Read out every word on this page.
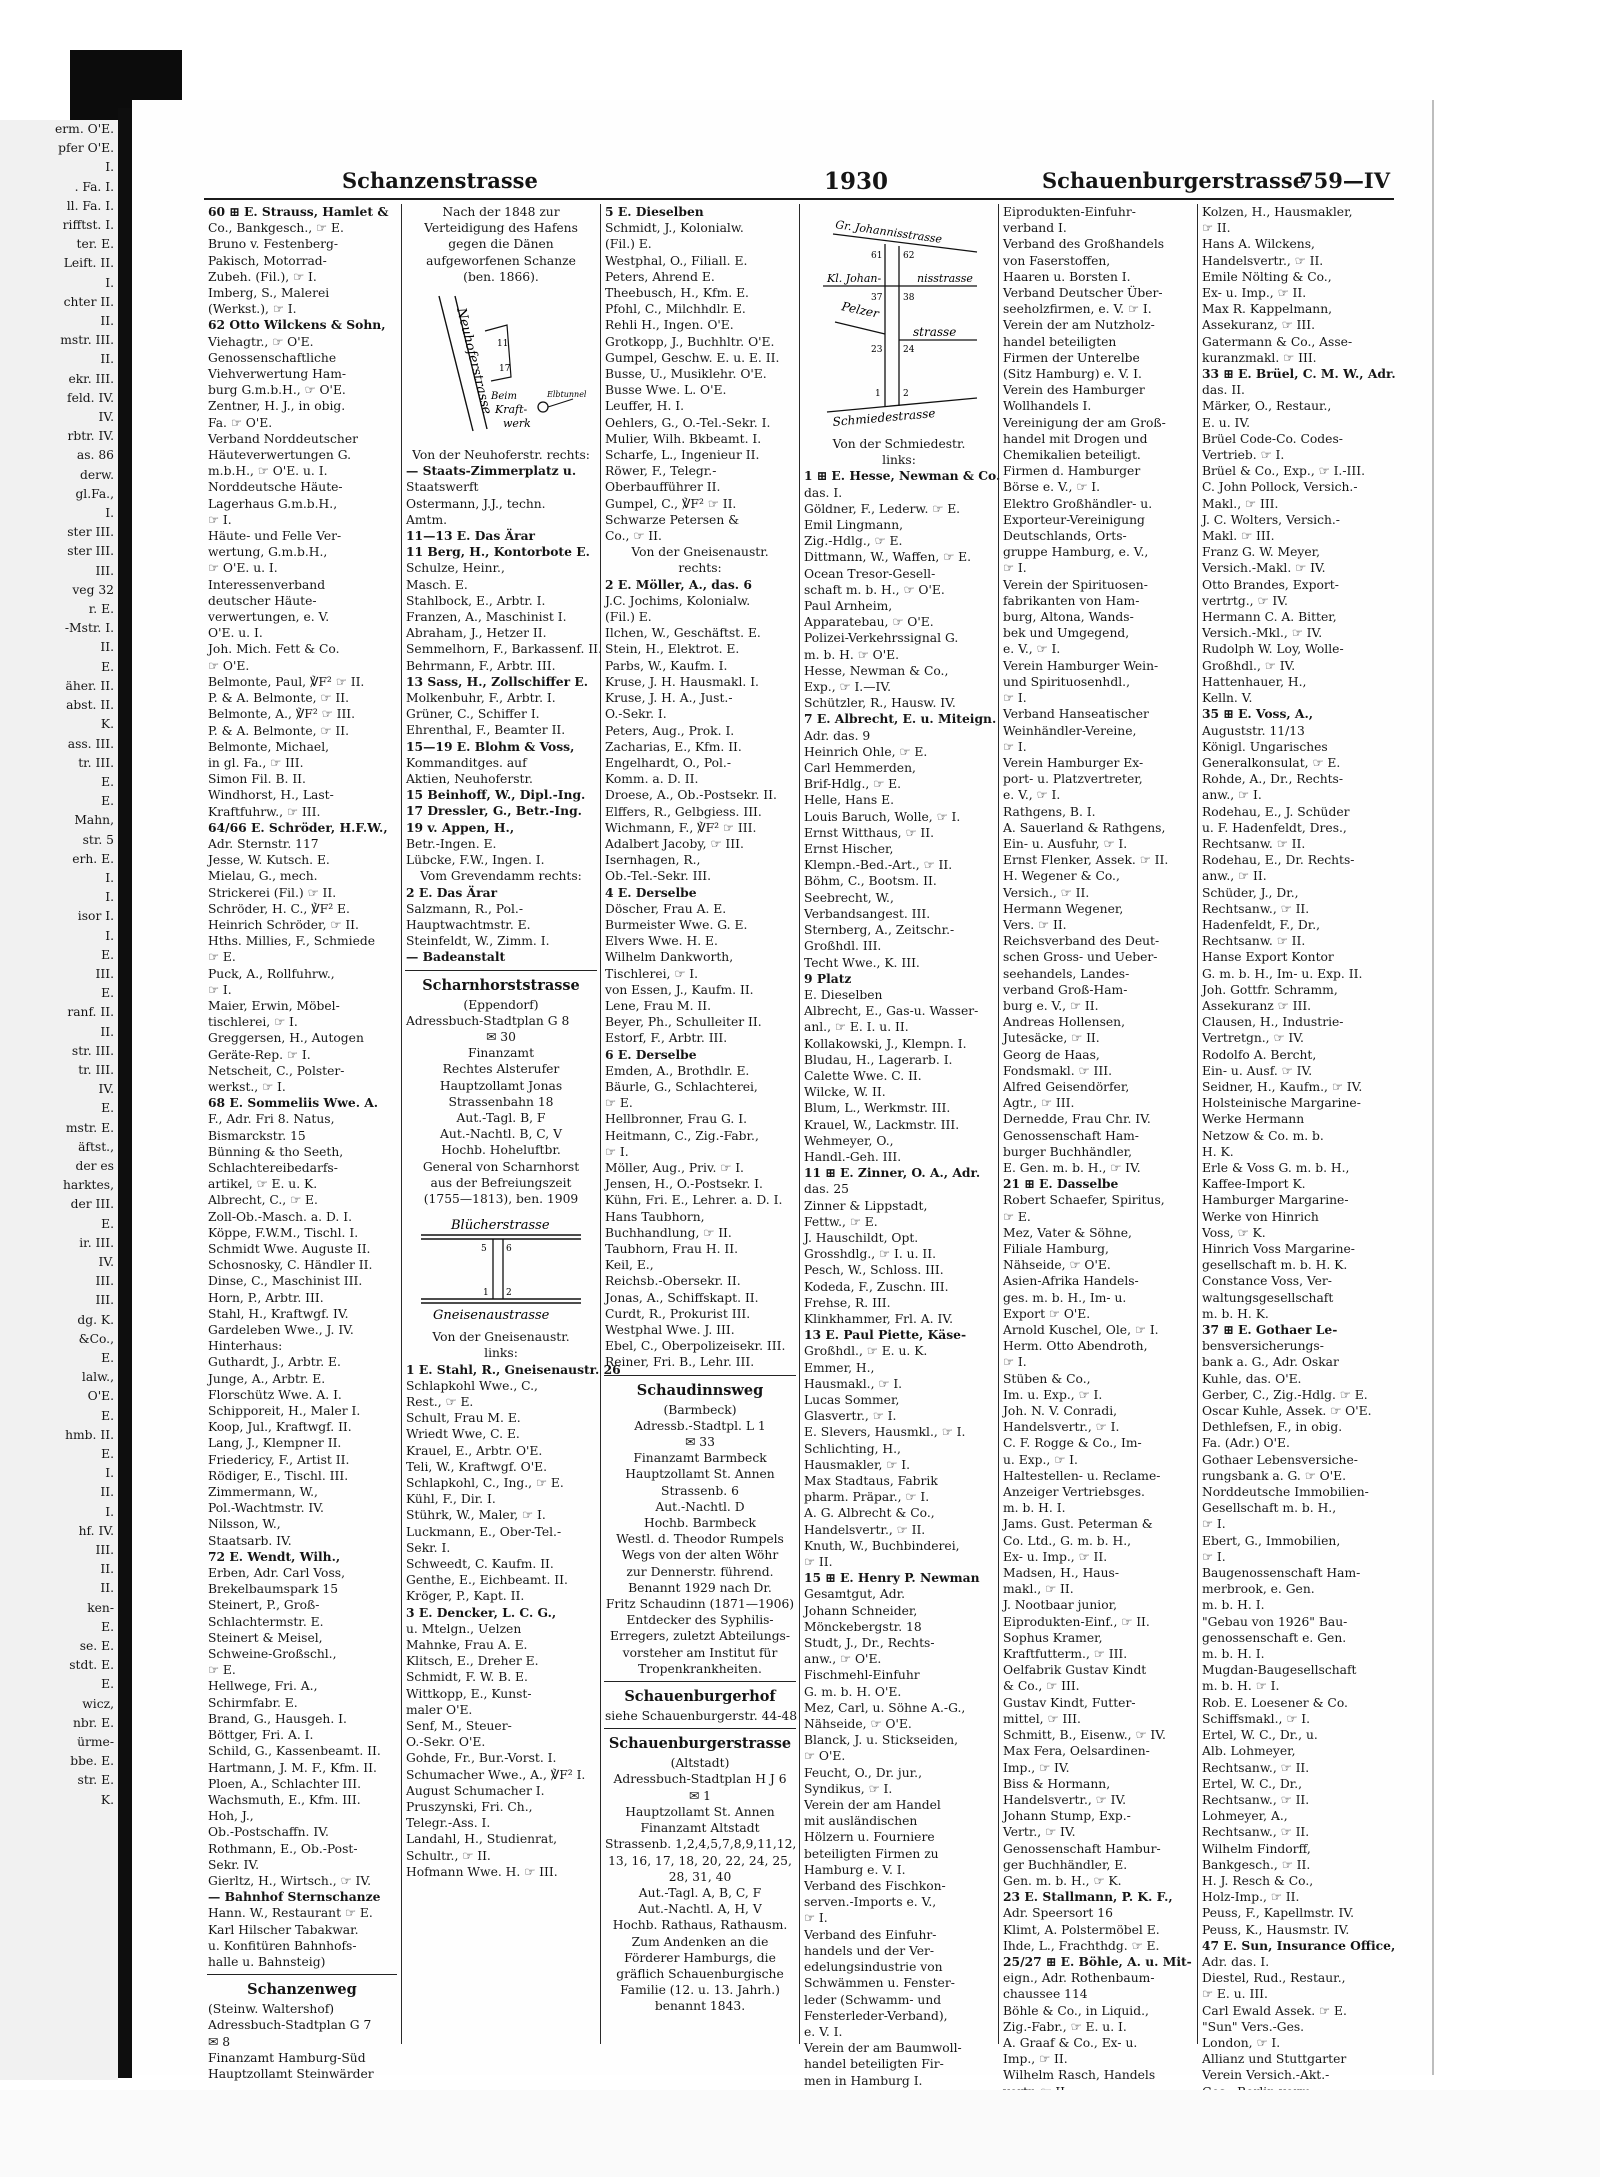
erm. O'E.
pfer O'E.
I.
. Fa. I.
ll. Fa. I.
rifftst. I.
ter. E.
Leift. II.
I.
chter II.
II.
mstr. III.
II.
ekr. III.
feld. IV.
IV.
rbtr. IV.
as. 86
derw.
gl.Fa.,
I.
ster III.
ster III.
III.
veg 32
r. E.
-Mstr. I.
II.
E.
äher. II.
abst. II.
K.
ass. III.
tr. III.
E.
E.
Mahn,
str. 5
erh. E.
I.
I.
isor I.
I.
E.
III.
E.
ranf. II.
II.
str. III.
tr. III.
IV.
E.
mstr. E.
äftst.,
der es
harktes,
der III.
E.
ir. III.
IV.
III.
III.
dg. K.
&Co.,
E.
lalw.,
O'E.
E.
hmb. II.
E.
I.
II.
I.
hf. IV.
III.
II.
II.
ken-
E.
se. E.
stdt. E.
E.
wicz,
nbr. E.
ürme-
bbe. E.
str. E.
K.
Schanzenstrasse	1930	Schauenburgerstrasse
759—IV
60 ⊞ E. Strauss, Hamlet &
Co., Bankgesch., ☞ E.
Bruno v. Festenberg-
Pakisch, Motorrad-
Zubeh. (Fil.), ☞ I.
Imberg, S., Malerei
(Werkst.), ☞ I.
62 Otto Wilckens & Sohn,
Viehagtr., ☞ O'E.
Genossenschaftliche
Viehverwertung Ham-
burg G.m.b.H., ☞ O'E.
Zentner, H. J., in obig.
Fa. ☞ O'E.
Verband Norddeutscher
Häuteverwertungen G.
m.b.H., ☞ O'E. u. I.
Norddeutsche Häute-
Lagerhaus G.m.b.H.,
☞ I.
Häute- und Felle Ver-
wertung, G.m.b.H.,
☞ O'E. u. I.
Interessenverband
deutscher Häute-
verwertungen, e. V.
O'E. u. I.
Joh. Mich. Fett & Co.
☞ O'E.
Belmonte, Paul, ℣F² ☞ II.
P. & A. Belmonte, ☞ II.
Belmonte, A., ℣F² ☞ III.
P. & A. Belmonte, ☞ II.
Belmonte, Michael,
in gl. Fa., ☞ III.
Simon Fil. B. II.
Windhorst, H., Last-
Kraftfuhrw., ☞ III.
64/66 E. Schröder, H.F.W.,
Adr. Sternstr. 117
Jesse, W. Kutsch. E.
Mielau, G., mech.
Strickerei (Fil.) ☞ II.
Schröder, H. C., ℣F² E.
Heinrich Schröder, ☞ II.
Hths. Millies, F., Schmiede
☞ E.
Puck, A., Rollfuhrw.,
☞ I.
Maier, Erwin, Möbel-
tischlerei, ☞ I.
Greggersen, H., Autogen
Geräte-Rep. ☞ I.
Netscheit, C., Polster-
werkst., ☞ I.
68 E. Sommeliis Wwe. A.
F., Adr. Fri 8. Natus,
Bismarckstr. 15
Bünning & tho Seeth,
Schlachtereibedarfs-
artikel, ☞ E. u. K.
Albrecht, C., ☞ E.
Zoll-Ob.-Masch. a. D. I.
Köppe, F.W.M., Tischl. I.
Schmidt Wwe. Auguste II.
Schosnosky, C. Händler II.
Dinse, C., Maschinist III.
Horn, P., Arbtr. III.
Stahl, H., Kraftwgf. IV.
Gardeleben Wwe., J. IV.
Hinterhaus:
Guthardt, J., Arbtr. E.
Junge, A., Arbtr. E.
Florschütz Wwe. A. I.
Schipporeit, H., Maler I.
Koop, Jul., Kraftwgf. II.
Lang, J., Klempner II.
Friedericy, F., Artist II.
Rödiger, E., Tischl. III.
Zimmermann, W.,
Pol.-Wachtmstr. IV.
Nilsson, W.,
Staatsarb. IV.
72 E. Wendt, Wilh.,
Erben, Adr. Carl Voss,
Brekelbaumspark 15
Steinert, P., Groß-
Schlachtermstr. E.
Steinert & Meisel,
Schweine-Großschl.,
☞ E.
Hellwege, Fri. A.,
Schirmfabr. E.
Brand, G., Hausgeh. I.
Böttger, Fri. A. I.
Schild, G., Kassenbeamt. II.
Hartmann, J. M. F., Kfm. II.
Ploen, A., Schlachter III.
Wachsmuth, E., Kfm. III.
Hoh, J.,
Ob.-Postschaffn. IV.
Rothmann, E., Ob.-Post-
Sekr. IV.
Gierltz, H., Wirtsch., ☞ IV.
— Bahnhof Sternschanze
Hann. W., Restaurant ☞ E.
Karl Hilscher Tabakwar.
u. Konfitüren Bahnhofs-
halle u. Bahnsteig)
Schanzenweg
(Steinw. Waltershof)
Adressbuch-Stadtplan G 7
✉ 8
Finanzamt Hamburg-Süd
Hauptzollamt Steinwärder
Nach der 1848 zur
Verteidigung des Hafens
gegen die Dänen
aufgeworfenen Schanze
(ben. 1866).
Neuhoferstrasse 11
17
Beim
Kraft-
werk
Elbtunnel
Von der Neuhoferstr. rechts:
— Staats-Zimmerplatz u.
Staatswerft
Ostermann, J.J., techn.
Amtm.
11—13 E. Das Ärar
11 Berg, H., Kontorbote E.
Schulze, Heinr.,
Masch. E.
Stahlbock, E., Arbtr. I.
Franzen, A., Maschinist I.
Abraham, J., Hetzer II.
Semmelhorn, F., Barkassenf. II.
Behrmann, F., Arbtr. III.
13 Sass, H., Zollschiffer E.
Molkenbuhr, F., Arbtr. I.
Grüner, C., Schiffer I.
Ehrenthal, F., Beamter II.
15—19 E. Blohm & Voss,
Kommanditges. auf
Aktien, Neuhoferstr.
15 Beinhoff, W., Dipl.-Ing.
17 Dressler, G., Betr.-Ing.
19 v. Appen, H.,
Betr.-Ingen. E.
Lübcke, F.W., Ingen. I.
Vom Grevendamm rechts:
2 E. Das Ärar
Salzmann, R., Pol.-
Hauptwachtmstr. E.
Steinfeldt, W., Zimm. I.
— Badeanstalt
Scharnhorststrasse
(Eppendorf)
Adressbuch-Stadtplan G 8
✉ 30
Finanzamt
Rechtes Alsterufer
Hauptzollamt Jonas
Strassenbahn 18
Aut.-Tagl. B, F
Aut.-Nachtl. B, C, V
Hochb. Hoheluftbr.
General von Scharnhorst
aus der Befreiungszeit
(1755—1813), ben. 1909
Blücherstrasse
5 6
1 2
Gneisenaustrasse
Von der Gneisenaustr.
links:
1 E. Stahl, R., Gneisenaustr. 26
Schlapkohl Wwe., C.,
Rest., ☞ E.
Schult, Frau M. E.
Wriedt Wwe, C. E.
Krauel, E., Arbtr. O'E.
Teli, W., Kraftwgf. O'E.
Schlapkohl, C., Ing., ☞ E.
Kühl, F., Dir. I.
Stührk, W., Maler, ☞ I.
Luckmann, E., Ober-Tel.-
Sekr. I.
Schweedt, C. Kaufm. II.
Genthe, E., Eichbeamt. II.
Kröger, P., Kapt. II.
3 E. Dencker, L. C. G.,
u. Mtelgn., Uelzen
Mahnke, Frau A. E.
Klitsch, E., Dreher E.
Schmidt, F. W. B. E.
Wittkopp, E., Kunst-
maler O'E.
Senf, M., Steuer-
O.-Sekr. O'E.
Gohde, Fr., Bur.-Vorst. I.
Schumacher Wwe., A., ℣F² I.
August Schumacher I.
Pruszynski, Fri. Ch.,
Telegr.-Ass. I.
Landahl, H., Studienrat,
Schultr., ☞ II.
Hofmann Wwe. H. ☞ III.
5 E. Dieselben
Schmidt, J., Kolonialw.
(Fil.) E.
Westphal, O., Filiall. E.
Peters, Ahrend E.
Theebusch, H., Kfm. E.
Pfohl, C., Milchhdlr. E.
Rehli H., Ingen. O'E.
Grotkopp, J., Buchhltr. O'E.
Gumpel, Geschw. E. u. E. II.
Busse, U., Musiklehr. O'E.
Busse Wwe. L. O'E.
Leuffer, H. I.
Oehlers, G., O.-Tel.-Sekr. I.
Mulier, Wilh. Bkbeamt. I.
Scharfe, L., Ingenieur II.
Röwer, F., Telegr.-
Oberbaufführer II.
Gumpel, C., ℣F² ☞ II.
Schwarze Petersen &
Co., ☞ II.
Von der Gneisenaustr.
rechts:
2 E. Möller, A., das. 6
J.C. Jochims, Kolonialw.
(Fil.) E.
Ilchen, W., Geschäftst. E.
Stein, H., Elektrot. E.
Parbs, W., Kaufm. I.
Kruse, J. H. Hausmakl. I.
Kruse, J. H. A., Just.-
O.-Sekr. I.
Peters, Aug., Prok. I.
Zacharias, E., Kfm. II.
Engelhardt, O., Pol.-
Komm. a. D. II.
Droese, A., Ob.-Postsekr. II.
Elffers, R., Gelbgiess. III.
Wichmann, F., ℣F² ☞ III.
Adalbert Jacoby, ☞ III.
Isernhagen, R.,
Ob.-Tel.-Sekr. III.
4 E. Derselbe
Döscher, Frau A. E.
Burmeister Wwe. G. E.
Elvers Wwe. H. E.
Wilhelm Dankworth,
Tischlerei, ☞ I.
von Essen, J., Kaufm. II.
Lene, Frau M. II.
Beyer, Ph., Schulleiter II.
Estorf, F., Arbtr. III.
6 E. Derselbe
Emden, A., Brothdlr. E.
Bäurle, G., Schlachterei,
☞ E.
Hellbronner, Frau G. I.
Heitmann, C., Zig.-Fabr.,
☞ I.
Möller, Aug., Priv. ☞ I.
Jensen, H., O.-Postsekr. I.
Kühn, Fri. E., Lehrer. a. D. I.
Hans Taubhorn,
Buchhandlung, ☞ II.
Taubhorn, Frau H. II.
Keil, E.,
Reichsb.-Obersekr. II.
Jonas, A., Schiffskapt. II.
Curdt, R., Prokurist III.
Westphal Wwe. J. III.
Ebel, C., Oberpolizeisekr. III.
Reiner, Fri. B., Lehr. III.
Schaudinnsweg
(Barmbeck)
Adressb.-Stadtpl. L 1
✉ 33
Finanzamt Barmbeck
Hauptzollamt St. Annen
Strassenb. 6
Aut.-Nachtl. D
Hochb. Barmbeck
Westl. d. Theodor Rumpels
Wegs von der alten Wöhr
zur Dennerstr. führend.
Benannt 1929 nach Dr.
Fritz Schaudinn (1871—1906)
Entdecker des Syphilis-
Erregers, zuletzt Abteilungs-
vorsteher am Institut für
Tropenkrankheiten.
Schauenburgerhof
siehe Schauenburgerstr. 44-48
Schauenburgerstrasse
(Altstadt)
Adressbuch-Stadtplan H J 6
✉ 1
Hauptzollamt St. Annen
Finanzamt Altstadt
Strassenb. 1,2,4,5,7,8,9,11,12,
13, 16, 17, 18, 20, 22, 24, 25,
28, 31, 40
Aut.-Tagl. A, B, C, F
Aut.-Nachtl. A, H, V
Hochb. Rathaus, Rathausm.
Zum Andenken an die
Förderer Hamburgs, die
gräflich Schauenburgische
Familie (12. u. 13. Jahrh.)
benannt 1843.
Gr. Johannisstrasse
Kl. Johan-	nisstrasse
61 62
37 38
Pelzer
strasse
23 24
1 2
Schmiedestrasse
Von der Schmiedestr.
links:
1 ⊞ E. Hesse, Newman & Co.
das. I.
Göldner, F., Lederw. ☞ E.
Emil Lingmann,
Zig.-Hdlg., ☞ E.
Dittmann, W., Waffen, ☞ E.
Ocean Tresor-Gesell-
schaft m. b. H., ☞ O'E.
Paul Arnheim,
Apparatebau, ☞ O'E.
Polizei-Verkehrssignal G.
m. b. H. ☞ O'E.
Hesse, Newman & Co.,
Exp., ☞ I.—IV.
Schützler, R., Hausw. IV.
7 E. Albrecht, E. u. Miteign.
Adr. das. 9
Heinrich Ohle, ☞ E.
Carl Hemmerden,
Brif-Hdlg., ☞ E.
Helle, Hans E.
Louis Baruch, Wolle, ☞ I.
Ernst Witthaus, ☞ II.
Ernst Hischer,
Klempn.-Bed.-Art., ☞ II.
Böhm, C., Bootsm. II.
Seebrecht, W.,
Verbandsangest. III.
Sternberg, A., Zeitschr.-
Großhdl. III.
Techt Wwe., K. III.
9 Platz
E. Dieselben
Albrecht, E., Gas-u. Wasser-
anl., ☞ E. I. u. II.
Kollakowski, J., Klempn. I.
Bludau, H., Lagerarb. I.
Calette Wwe. C. II.
Wilcke, W. II.
Blum, L., Werkmstr. III.
Krauel, W., Lackmstr. III.
Wehmeyer, O.,
Handl.-Geh. III.
11 ⊞ E. Zinner, O. A., Adr.
das. 25
Zinner & Lippstadt,
Fettw., ☞ E.
J. Hauschildt, Opt.
Grosshdlg., ☞ I. u. II.
Pesch, W., Schloss. III.
Kodeda, F., Zuschn. III.
Frehse, R. III.
Klinkhammer, Frl. A. IV.
13 E. Paul Piette, Käse-
Großhdl., ☞ E. u. K.
Emmer, H.,
Hausmakl., ☞ I.
Lucas Sommer,
Glasvertr., ☞ I.
E. Slevers, Hausmkl., ☞ I.
Schlichting, H.,
Hausmakler, ☞ I.
Max Stadtaus, Fabrik
pharm. Präpar., ☞ I.
A. G. Albrecht & Co.,
Handelsvertr., ☞ II.
Knuth, W., Buchbinderei,
☞ II.
15 ⊞ E. Henry P. Newman
Gesamtgut, Adr.
Johann Schneider,
Mönckebergstr. 18
Studt, J., Dr., Rechts-
anw., ☞ O'E.
Fischmehl-Einfuhr
G. m. b. H. O'E.
Mez, Carl, u. Söhne A.-G.,
Nähseide, ☞ O'E.
Blanck, J. u. Stickseiden,
☞ O'E.
Feucht, O., Dr. jur.,
Syndikus, ☞ I.
Verein der am Handel
mit ausländischen
Hölzern u. Fourniere
beteiligten Firmen zu
Hamburg e. V. I.
Verband des Fischkon-
serven.-Imports e. V.,
☞ I.
Verband des Einfuhr-
handels und der Ver-
edelungsindustrie von
Schwämmen u. Fenster-
leder (Schwamm- und
Fensterleder-Verband),
e. V. I.
Verein der am Baumwoll-
handel beteiligten Fir-
men in Hamburg I.
Eiprodukten-Einfuhr-
verband I.
Verband des Großhandels
von Faserstoffen,
Haaren u. Borsten I.
Verband Deutscher Über-
seeholzfirmen, e. V. ☞ I.
Verein der am Nutzholz-
handel beteiligten
Firmen der Unterelbe
(Sitz Hamburg) e. V. I.
Verein des Hamburger
Wollhandels I.
Vereinigung der am Groß-
handel mit Drogen und
Chemikalien beteiligt.
Firmen d. Hamburger
Börse e. V., ☞ I.
Elektro Großhändler- u.
Exporteur-Vereinigung
Deutschlands, Orts-
gruppe Hamburg, e. V.,
☞ I.
Verein der Spirituosen-
fabrikanten von Ham-
burg, Altona, Wands-
bek und Umgegend,
e. V., ☞ I.
Verein Hamburger Wein-
und Spirituosenhdl.,
☞ I.
Verband Hanseatischer
Weinhändler-Vereine,
☞ I.
Verein Hamburger Ex-
port- u. Platzvertreter,
e. V., ☞ I.
Rathgens, B. I.
A. Sauerland & Rathgens,
Ein- u. Ausfuhr, ☞ I.
Ernst Flenker, Assek. ☞ II.
H. Wegener & Co.,
Versich., ☞ II.
Hermann Wegener,
Vers. ☞ II.
Reichsverband des Deut-
schen Gross- und Ueber-
seehandels, Landes-
verband Groß-Ham-
burg e. V., ☞ II.
Andreas Hollensen,
Jutesäcke, ☞ II.
Georg de Haas,
Fondsmakl. ☞ III.
Alfred Geisendörfer,
Agtr., ☞ III.
Dernedde, Frau Chr. IV.
Genossenschaft Ham-
burger Buchhändler,
E. Gen. m. b. H., ☞ IV.
21 ⊞ E. Dasselbe
Robert Schaefer, Spiritus,
☞ E.
Mez, Vater & Söhne,
Filiale Hamburg,
Nähseide, ☞ O'E.
Asien-Afrika Handels-
ges. m. b. H., Im- u.
Export ☞ O'E.
Arnold Kuschel, Ole, ☞ I.
Herm. Otto Abendroth,
☞ I.
Stüben & Co.,
Im. u. Exp., ☞ I.
Joh. N. V. Conradi,
Handelsvertr., ☞ I.
C. F. Rogge & Co., Im-
u. Exp., ☞ I.
Haltestellen- u. Reclame-
Anzeiger Vertriebsges.
m. b. H. I.
Jams. Gust. Peterman &
Co. Ltd., G. m. b. H.,
Ex- u. Imp., ☞ II.
Madsen, H., Haus-
makl., ☞ II.
J. Nootbaar junior,
Eiprodukten-Einf., ☞ II.
Sophus Kramer,
Kraftfutterm., ☞ III.
Oelfabrik Gustav Kindt
& Co., ☞ III.
Gustav Kindt, Futter-
mittel, ☞ III.
Schmitt, B., Eisenw., ☞ IV.
Max Fera, Oelsardinen-
Imp., ☞ IV.
Biss & Hormann,
Handelsvertr., ☞ IV.
Johann Stump, Exp.-
Vertr., ☞ IV.
Genossenschaft Hambur-
ger Buchhändler, E.
Gen. m. b. H., ☞ K.
23 E. Stallmann, P. K. F.,
Adr. Speersort 16
Klimt, A. Polstermöbel E.
Ihde, L., Frachthdg. ☞ E.
25/27 ⊞ E. Böhle, A. u. Mit-
eign., Adr. Rothenbaum-
chaussee 114
Böhle & Co., in Liquid.,
Zig.-Fabr., ☞ E. u. I.
A. Graaf & Co., Ex- u.
Imp., ☞ II.
Wilhelm Rasch, Handels
Kolzen, H., Hausmakler,
☞ II.
Hans A. Wilckens,
Handelsvertr., ☞ II.
Emile Nölting & Co.,
Ex- u. Imp., ☞ II.
Max R. Kappelmann,
Assekuranz, ☞ III.
Gatermann & Co., Asse-
kuranzmakl. ☞ III.
33 ⊞ E. Brüel, C. M. W., Adr.
das. II.
Märker, O., Restaur.,
E. u. IV.
Brüel Code-Co. Codes-
Vertrieb. ☞ I.
Brüel & Co., Exp., ☞ I.-III.
C. John Pollock, Versich.-
Makl., ☞ III.
J. C. Wolters, Versich.-
Makl. ☞ III.
Franz G. W. Meyer,
Versich.-Makl. ☞ IV.
Otto Brandes, Export-
vertrtg., ☞ IV.
Hermann C. A. Bitter,
Versich.-Mkl., ☞ IV.
Rudolph W. Loy, Wolle-
Großhdl., ☞ IV.
Hattenhauer, H.,
Kelln. V.
35 ⊞ E. Voss, A.,
Auguststr. 11/13
Königl. Ungarisches
Generalkonsulat, ☞ E.
Rohde, A., Dr., Rechts-
anw., ☞ I.
Rodehau, E., J. Schüder
u. F. Hadenfeldt, Dres.,
Rechtsanw. ☞ II.
Rodehau, E., Dr. Rechts-
anw., ☞ II.
Schüder, J., Dr.,
Rechtsanw., ☞ II.
Hadenfeldt, F., Dr.,
Rechtsanw. ☞ II.
Hanse Export Kontor
G. m. b. H., Im- u. Exp. II.
Joh. Gottfr. Schramm,
Assekuranz ☞ III.
Clausen, H., Industrie-
Vertretgn., ☞ IV.
Rodolfo A. Bercht,
Ein- u. Ausf. ☞ IV.
Seidner, H., Kaufm., ☞ IV.
Holsteinische Margarine-
Werke Hermann
Netzow & Co. m. b.
H. K.
Erle & Voss G. m. b. H.,
Kaffee-Import K.
Hamburger Margarine-
Werke von Hinrich
Voss, ☞ K.
Hinrich Voss Margarine-
gesellschaft m. b. H. K.
Constance Voss, Ver-
waltungsgesellschaft
m. b. H. K.
37 ⊞ E. Gothaer Le-
bensversicherungs-
bank a. G., Adr. Oskar
Kuhle, das. O'E.
Gerber, C., Zig.-Hdlg. ☞ E.
Oscar Kuhle, Assek. ☞ O'E.
Dethlefsen, F., in obig.
Fa. (Adr.) O'E.
Gothaer Lebensversiche-
rungsbank a. G. ☞ O'E.
Norddeutsche Immobilien-
Gesellschaft m. b. H.,
☞ I.
Ebert, G., Immobilien,
☞ I.
Baugenossenschaft Ham-
merbrook, e. Gen.
m. b. H. I.
"Gebau von 1926" Bau-
genossenschaft e. Gen.
m. b. H. I.
Mugdan-Baugesellschaft
m. b. H. ☞ I.
Rob. E. Loesener & Co.
Schiffsmakl., ☞ I.
Ertel, W. C., Dr., u.
Alb. Lohmeyer,
Rechtsanw., ☞ II.
Ertel, W. C., Dr.,
Rechtsanw., ☞ II.
Lohmeyer, A.,
Rechtsanw., ☞ II.
Wilhelm Findorff,
Bankgesch., ☞ II.
H. J. Resch & Co.,
Holz-Imp., ☞ II.
Peuss, F., Kapellmstr. IV.
Peuss, K., Hausmstr. IV.
47 E. Sun, Insurance Office,
Adr. das. I.
Diestel, Rud., Restaur.,
☞ E. u. III.
Carl Ewald Assek. ☞ E.
"Sun" Vers.-Ges.
London, ☞ I.
Allianz und Stuttgarter
Verein Versich.-Akt.-
